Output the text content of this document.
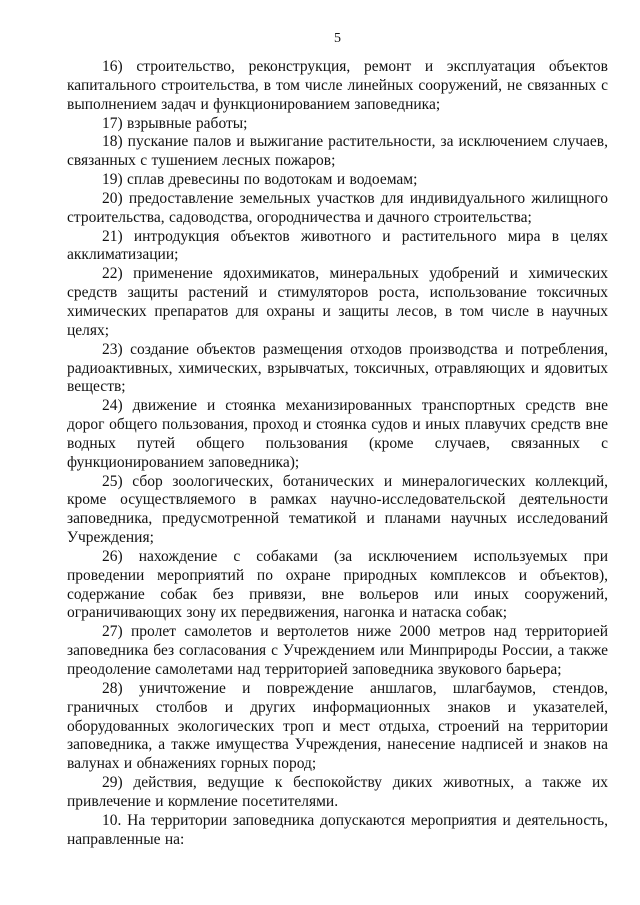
5

16) строительство, реконструкция, ремонт и эксплуатация объектов капитального строительства, в том числе линейных сооружений, не связанных с выполнением задач и функционированием заповедника;

17) взрывные работы;

18) пускание палов и выжигание растительности, за исключением случаев, связанных с тушением лесных пожаров;

19) сплав древесины по водотокам и водоемам;

20) предоставление земельных участков для индивидуального жилищного строительства, садоводства, огородничества и дачного строительства;

21) интродукция объектов животного и растительного мира в целях акклиматизации;

22) применение ядохимикатов, минеральных удобрений и химических средств защиты растений и стимуляторов роста, использование токсичных химических препаратов для охраны и защиты лесов, в том числе в научных целях;

23) создание объектов размещения отходов производства и потребления, радиоактивных, химических, взрывчатых, токсичных, отравляющих и ядовитых веществ;

24) движение и стоянка механизированных транспортных средств вне дорог общего пользования, проход и стоянка судов и иных плавучих средств вне водных путей общего пользования (кроме случаев, связанных с функционированием заповедника);

25) сбор зоологических, ботанических и минералогических коллекций, кроме осуществляемого в рамках научно-исследовательской деятельности заповедника, предусмотренной тематикой и планами научных исследований Учреждения;

26) нахождение с собаками (за исключением используемых при проведении мероприятий по охране природных комплексов и объектов), содержание собак без привязи, вне вольеров или иных сооружений, ограничивающих зону их передвижения, нагонка и натаска собак;

27) пролет самолетов и вертолетов ниже 2000 метров над территорией заповедника без согласования с Учреждением или Минприроды России, а также преодоление самолетами над территорией заповедника звукового барьера;

28) уничтожение и повреждение аншлагов, шлагбаумов, стендов, граничных столбов и других информационных знаков и указателей, оборудованных экологических троп и мест отдыха, строений на территории заповедника, а также имущества Учреждения, нанесение надписей и знаков на валунах и обнажениях горных пород;

29) действия, ведущие к беспокойству диких животных, а также их привлечение и кормление посетителями.

10. На территории заповедника допускаются мероприятия и деятельность, направленные на:
